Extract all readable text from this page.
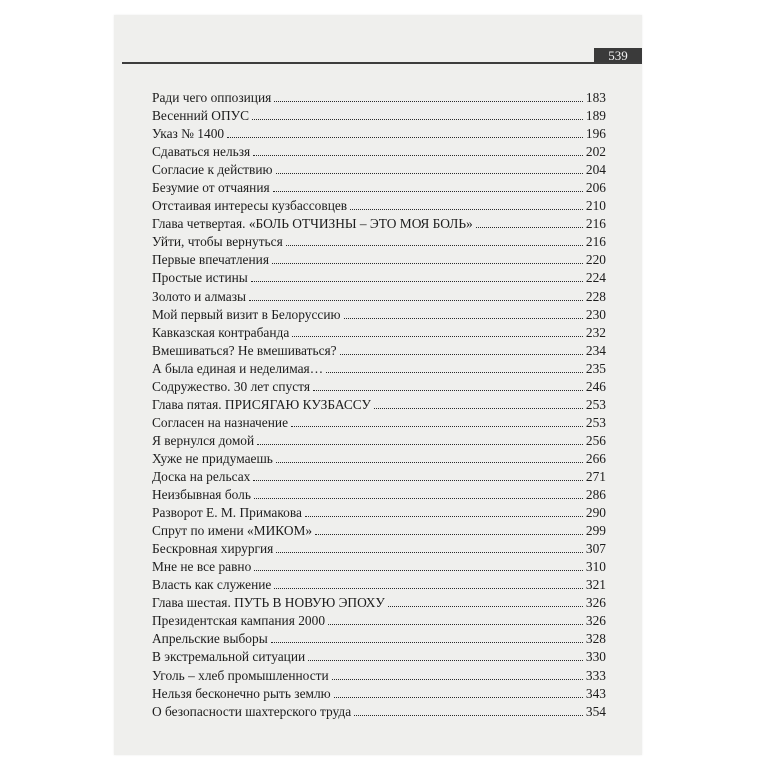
539
Ради чего оппозиция	183
Весенний ОПУС	189
Указ № 1400	196
Сдаваться нельзя	202
Согласие к действию	204
Безумие от отчаяния	206
Отстаивая интересы кузбассовцев	210
Глава четвертая. «БОЛЬ ОТЧИЗНЫ – ЭТО МОЯ БОЛЬ»	216
Уйти, чтобы вернуться	216
Первые впечатления	220
Простые истины	224
Золото и алмазы	228
Мой первый визит в Белоруссию	230
Кавказская контрабанда	232
Вмешиваться? Не вмешиваться?	234
А была единая и неделимая…	235
Содружество. 30 лет спустя	246
Глава пятая. ПРИСЯГАЮ КУЗБАССУ	253
Согласен на назначение	253
Я вернулся домой	256
Хуже не придумаешь	266
Доска на рельсах	271
Неизбывная боль	286
Разворот Е. М. Примакова	290
Спрут по имени «МИКОМ»	299
Бескровная хирургия	307
Мне не все равно	310
Власть как служение	321
Глава шестая. ПУТЬ В НОВУЮ ЭПОХУ	326
Президентская кампания 2000	326
Апрельские выборы	328
В экстремальной ситуации	330
Уголь – хлеб промышленности	333
Нельзя бесконечно рыть землю	343
О безопасности шахтерского труда	354
